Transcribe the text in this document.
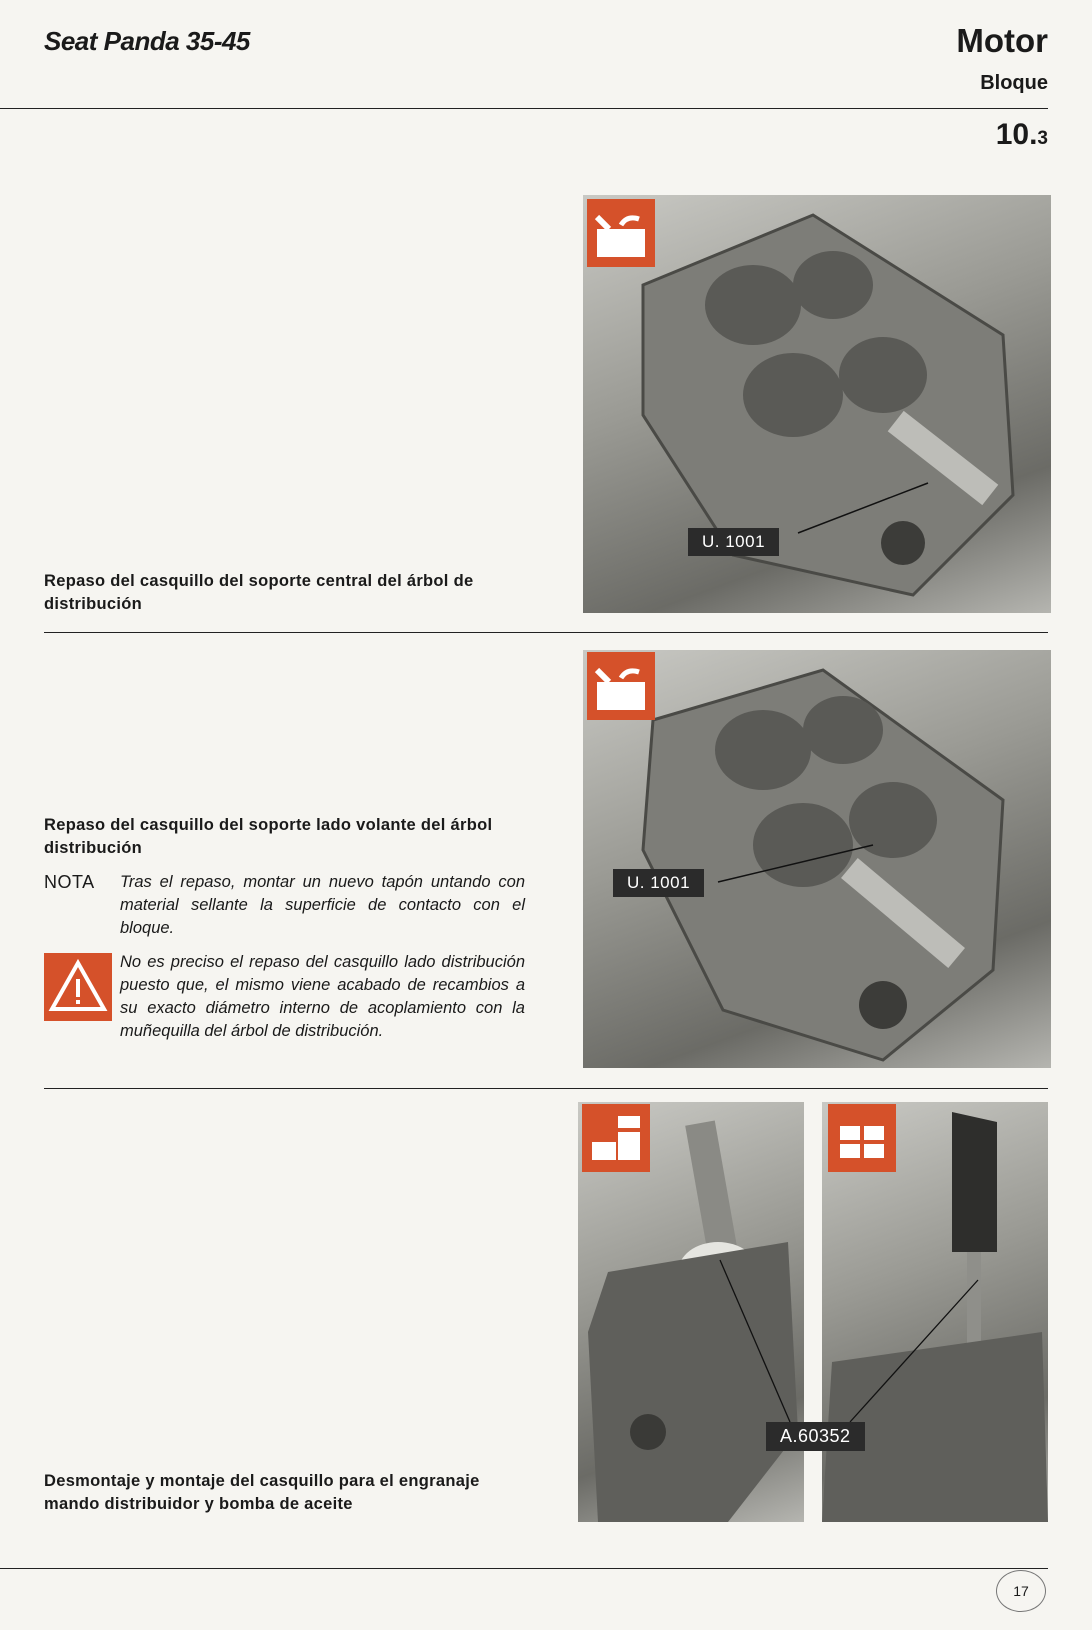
Seat Panda 35-45	Motor
Bloque
10.3
Repaso del casquillo del soporte central del árbol de distribución
U. 1001
Repaso del casquillo del soporte lado volante del árbol distribución
NOTA Tras el repaso, montar un nuevo tapón untando con material sellante la superficie de contacto con el bloque.
No es preciso el repaso del casquillo lado distribución puesto que, el mismo viene acabado de recambios a su exacto diámetro interno de acoplamiento con la muñequilla del árbol de distribución.
U. 1001
Desmontaje y montaje del casquillo para el engranaje mando distribuidor y bomba de aceite
A.60352
17
